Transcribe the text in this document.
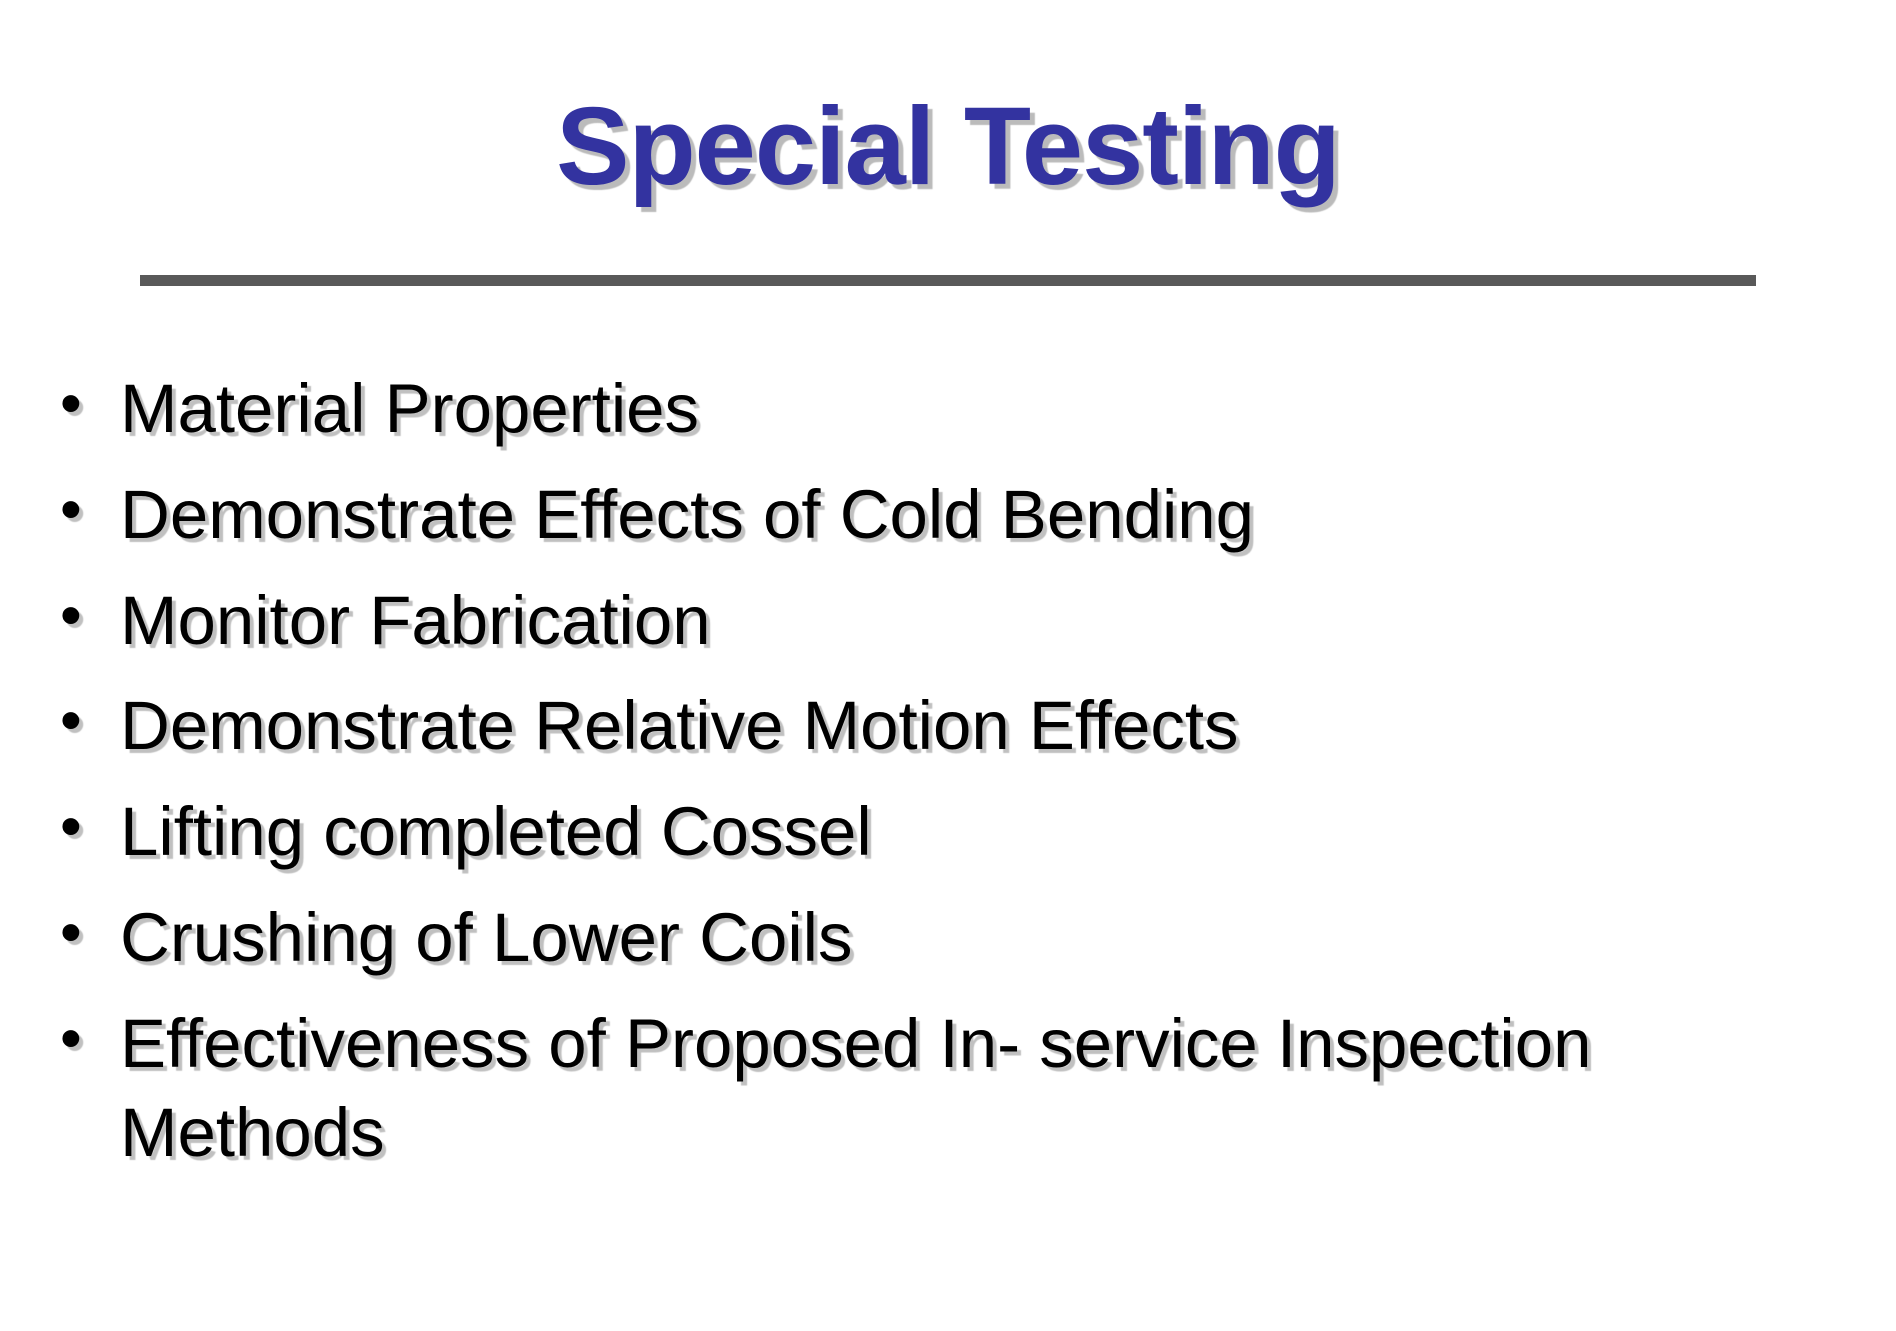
Special Testing
• Material Properties
• Demonstrate Effects of Cold Bending
• Monitor Fabrication
• Demonstrate Relative Motion Effects
• Lifting completed Cossel
• Crushing of Lower Coils
• Effectiveness of Proposed In- service Inspection Methods
